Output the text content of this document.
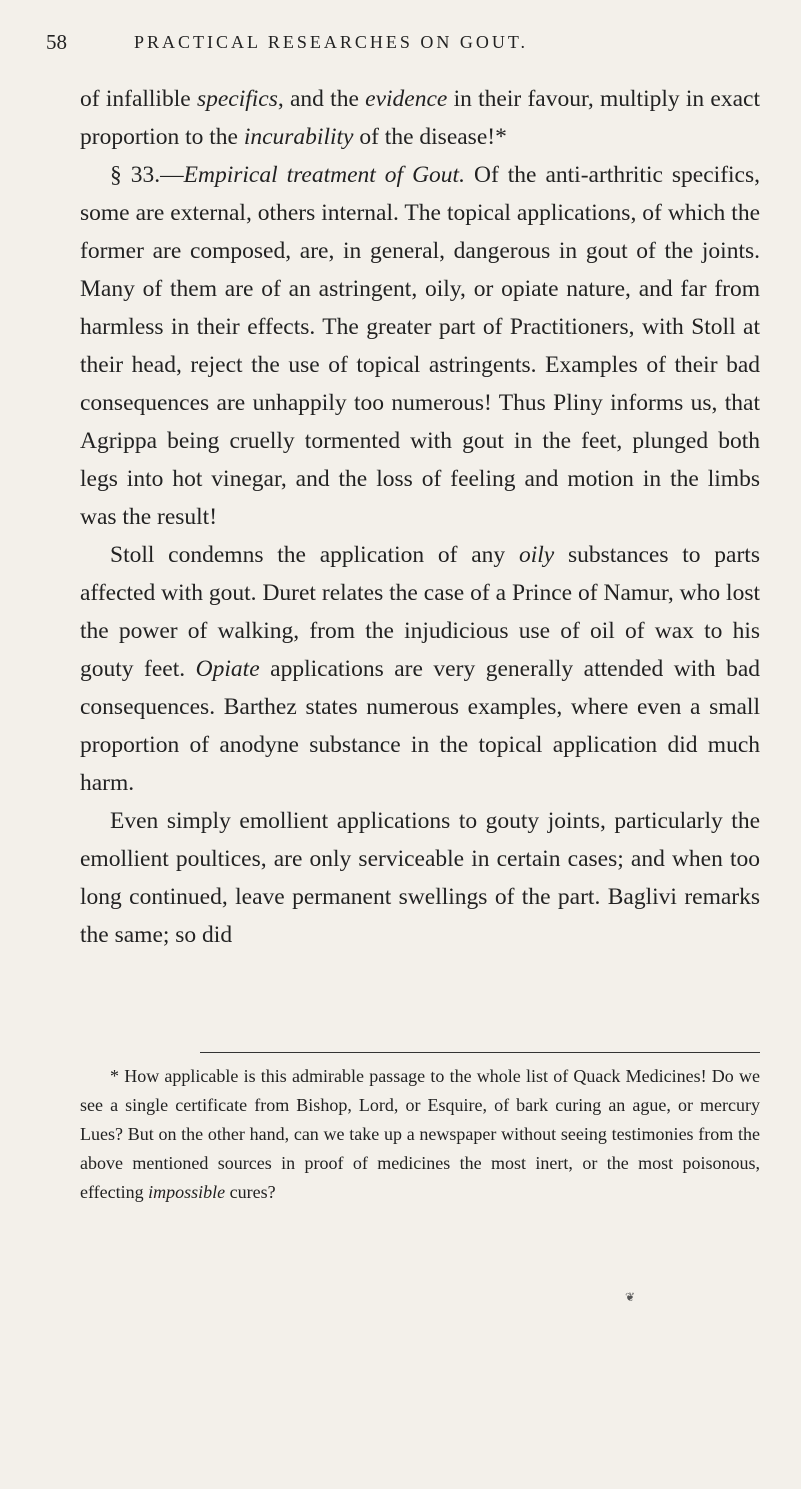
58	PRACTICAL RESEARCHES ON GOUT.

of infallible specifics, and the evidence in their favour, multiply in exact proportion to the incurability of the disease!*

§ 33.—Empirical treatment of Gout. Of the anti-arthritic specifics, some are external, others internal. The topical applications, of which the former are composed, are, in general, dangerous in gout of the joints. Many of them are of an astringent, oily, or opiate nature, and far from harmless in their effects. The greater part of Practitioners, with Stoll at their head, reject the use of topical astringents. Examples of their bad consequences are unhappily too numerous! Thus Pliny informs us, that Agrippa being cruelly tormented with gout in the feet, plunged both legs into hot vinegar, and the loss of feeling and motion in the limbs was the result!

Stoll condemns the application of any oily substances to parts affected with gout. Duret relates the case of a Prince of Namur, who lost the power of walking, from the injudicious use of oil of wax to his gouty feet. Opiate applications are very generally attended with bad consequences. Barthez states numerous examples, where even a small proportion of anodyne substance in the topical application did much harm.

Even simply emollient applications to gouty joints, particularly the emollient poultices, are only serviceable in certain cases; and when too long continued, leave permanent swellings of the part. Baglivi remarks the same; so did

* How applicable is this admirable passage to the whole list of Quack Medicines! Do we see a single certificate from Bishop, Lord, or Esquire, of bark curing an ague, or mercury Lues? But on the other hand, can we take up a newspaper without seeing testimonies from the above mentioned sources in proof of medicines the most inert, or the most poisonous, effecting impossible cures?

❦
